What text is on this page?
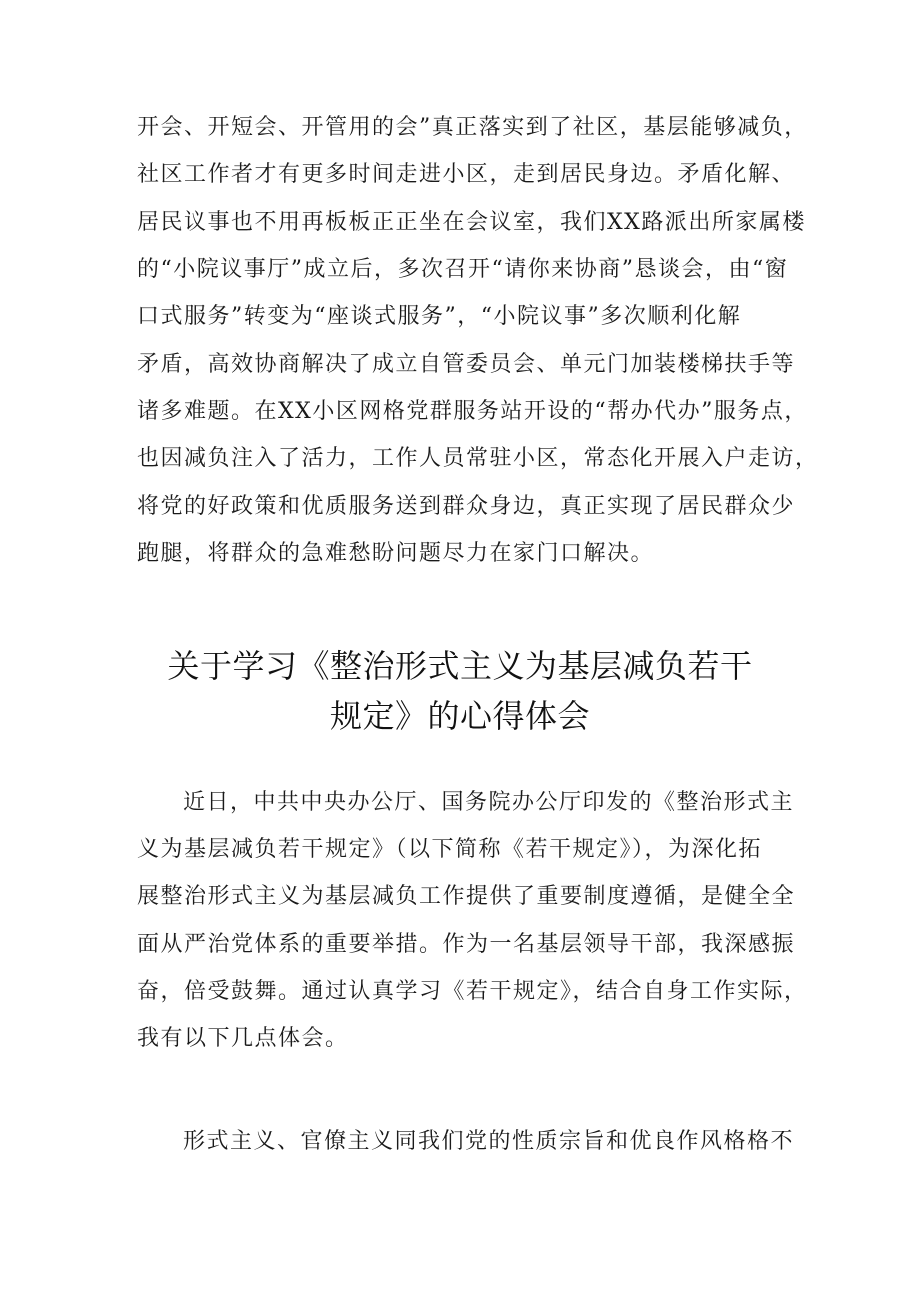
开会、开短会、开管用的会”真正落实到了社区，基层能够减负，
社区工作者才有更多时间走进小区，走到居民身边。矛盾化解、
居民议事也不用再板板正正坐在会议室，我们XX路派出所家属楼
的“小院议事厅”成立后，多次召开“请你来协商”恳谈会，由“窗
口式服务”转变为“座谈式服务”，“小院议事”多次顺利化解
矛盾，高效协商解决了成立自管委员会、单元门加装楼梯扶手等
诸多难题。在XX小区网格党群服务站开设的“帮办代办”服务点，
也因减负注入了活力，工作人员常驻小区，常态化开展入户走访，
将党的好政策和优质服务送到群众身边，真正实现了居民群众少
跑腿，将群众的急难愁盼问题尽力在家门口解决。
关于学习《整治形式主义为基层减负若干
规定》的心得体会
近日，中共中央办公厅、国务院办公厅印发的《整治形式主
义为基层减负若干规定》（以下简称《若干规定》），为深化拓
展整治形式主义为基层减负工作提供了重要制度遵循，是健全全
面从严治党体系的重要举措。作为一名基层领导干部，我深感振
奋，倍受鼓舞。通过认真学习《若干规定》，结合自身工作实际，
我有以下几点体会。
形式主义、官僚主义同我们党的性质宗旨和优良作风格格不
